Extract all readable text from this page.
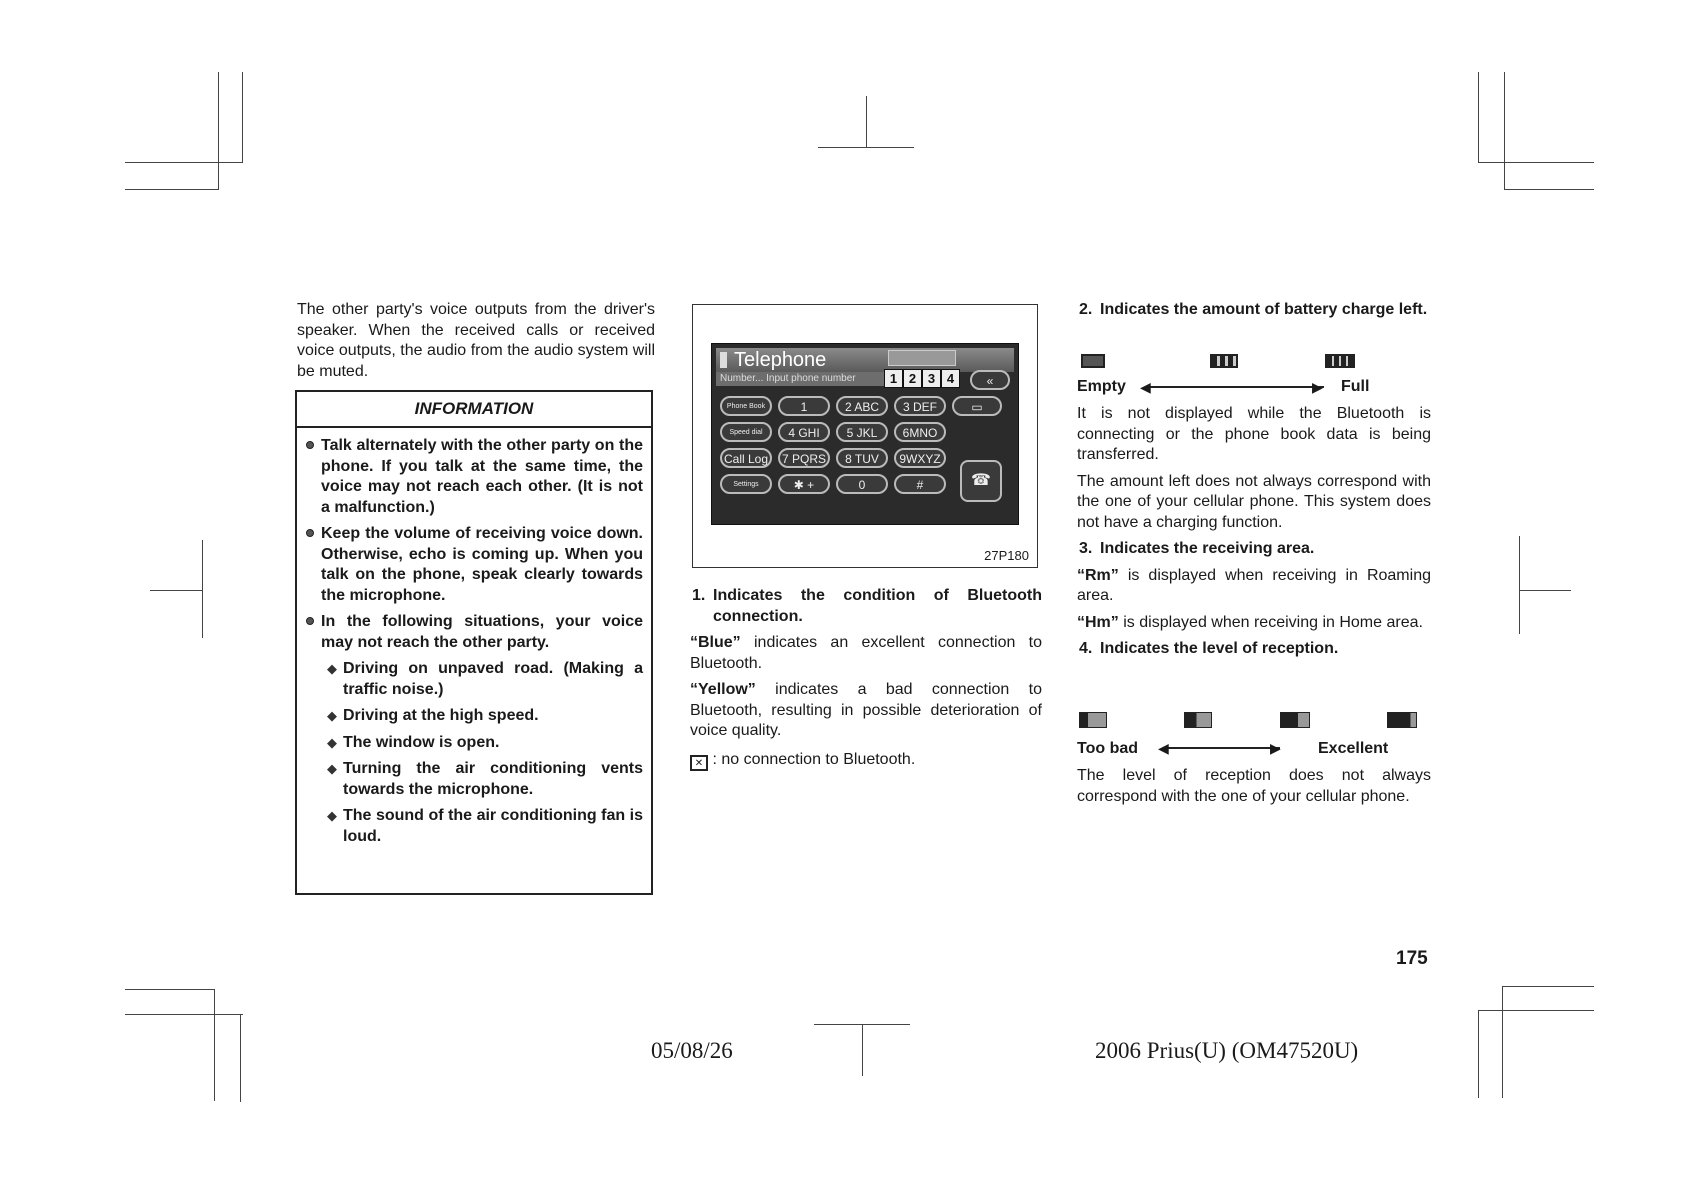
The other party's voice outputs from the driver's speaker. When the received calls or received voice outputs, the audio from the audio system will be muted.
INFORMATION
Talk alternately with the other party on the phone. If you talk at the same time, the voice may not reach each other. (It is not a malfunction.)
Keep the volume of receiving voice down. Otherwise, echo is coming up. When you talk on the phone, speak clearly towards the microphone.
In the following situations, your voice may not reach the other party.
◆ Driving on unpaved road. (Making a traffic noise.)
◆ Driving at the high speed.
◆ The window is open.
◆ Turning the air conditioning vents towards the microphone.
◆ The sound of the air conditioning fan is loud.
Telephone
Number... Input phone number	1 2 3 4	«
Phone Book	1	2 ABC	3 DEF	▭
Speed dial	4 GHI	5 JKL	6MNO
Call Log	7 PQRS	8 TUV	9WXYZ
Settings	✱ +	0	#	☎
27P180
1. Indicates the condition of Bluetooth connection.
“Blue” indicates an excellent connection to Bluetooth.
“Yellow” indicates a bad connection to Bluetooth, resulting in possible deterioration of voice quality.
✕ : no connection to Bluetooth.
2. Indicates the amount of battery charge left.
Empty ◀	▶ Full
It is not displayed while the Bluetooth is connecting or the phone book data is being transferred.
The amount left does not always correspond with the one of your cellular phone. This system does not have a charging function.
3. Indicates the receiving area.
“Rm” is displayed when receiving in Roaming area.
“Hm” is displayed when receiving in Home area.
4. Indicates the level of reception.
Too bad ◀	▶ Excellent
The level of reception does not always correspond with the one of your cellular phone.
175
05/08/26	2006 Prius(U) (OM47520U)
